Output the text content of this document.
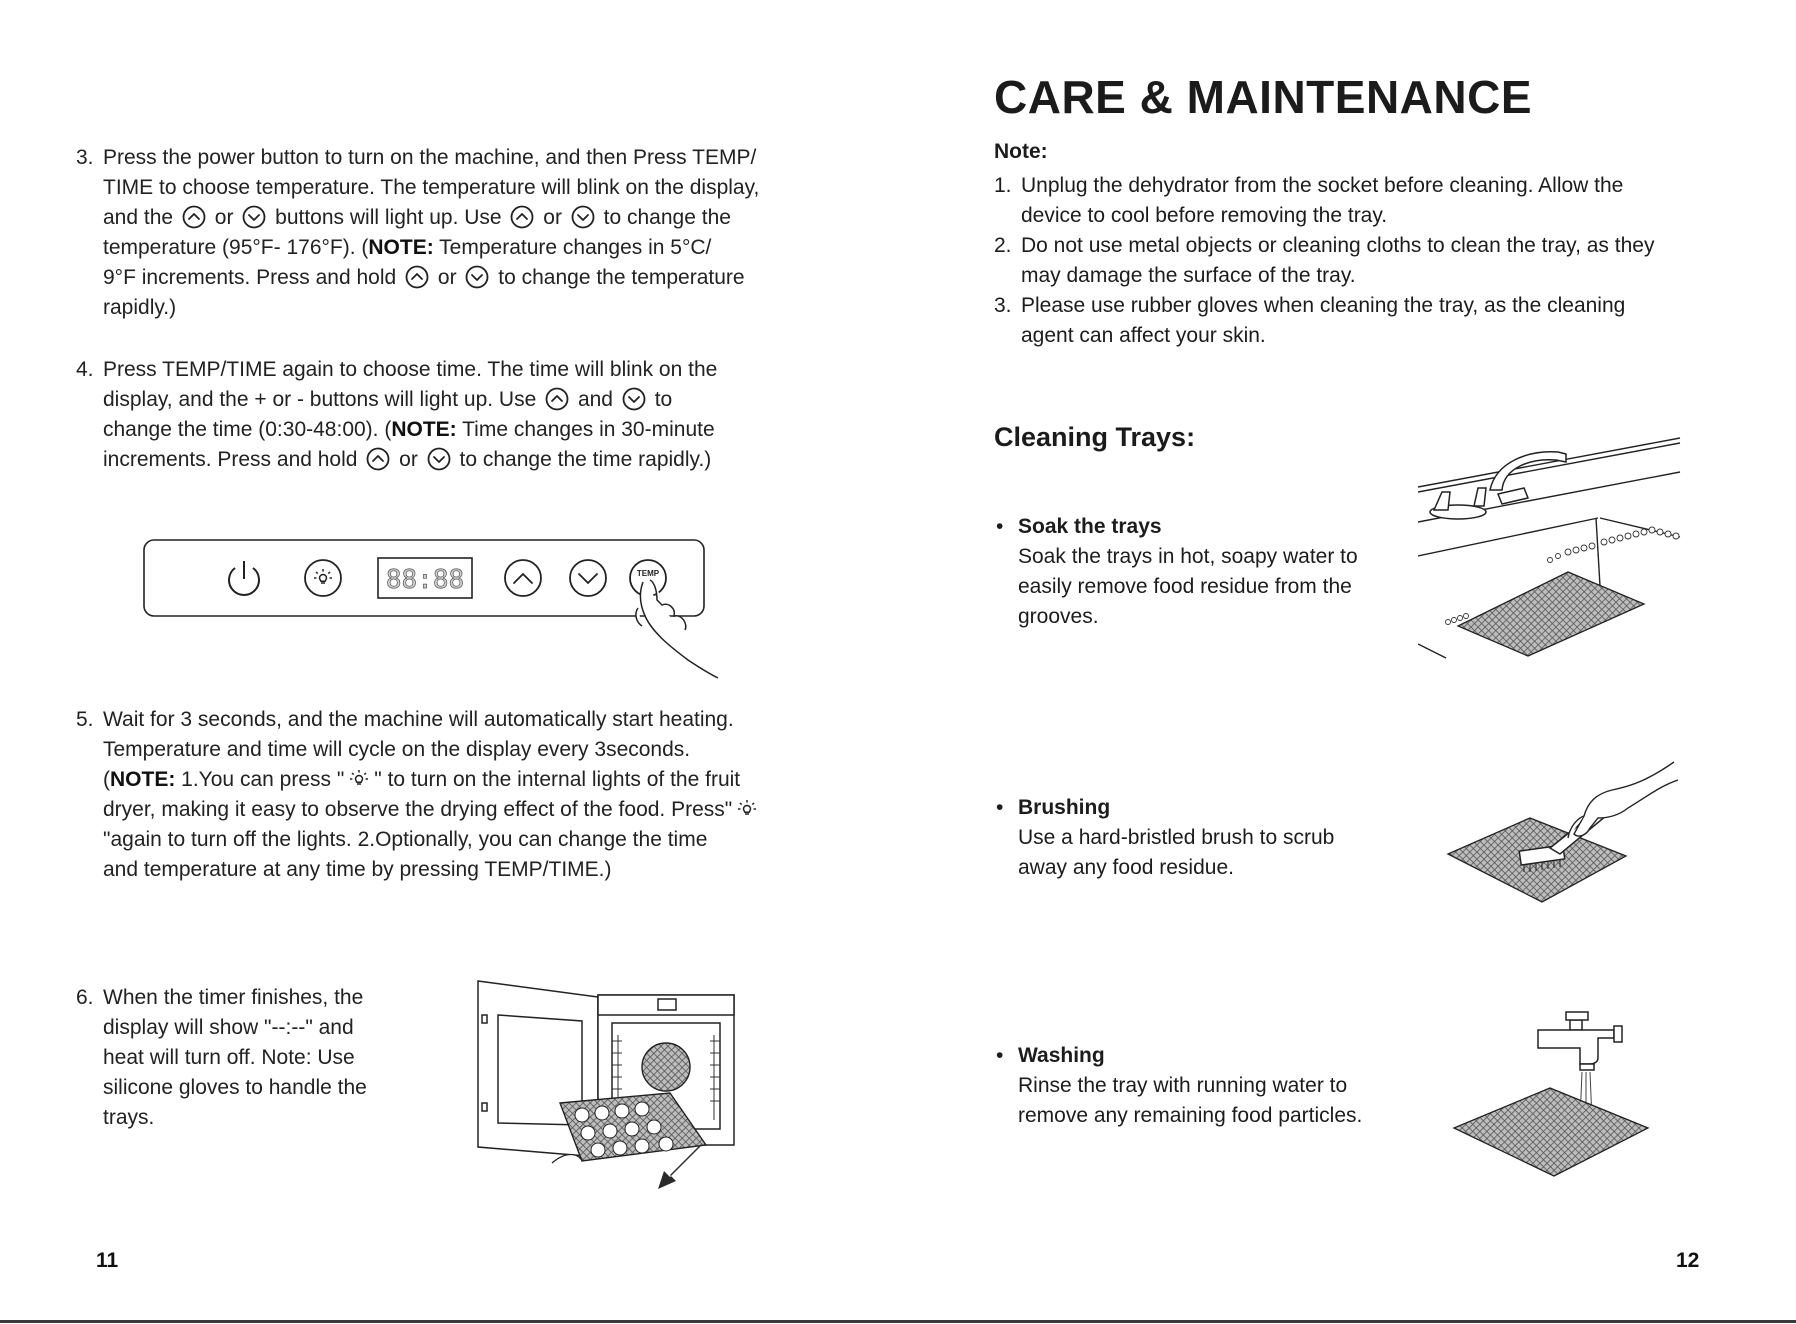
3. Press the power button to turn on the machine, and then Press TEMP/
TIME to choose temperature. The temperature will blink on the display,
and the or buttons will light up. Use or to change the
temperature (95°F- 176°F). (NOTE: Temperature changes in 5°C/
9°F increments. Press and hold or to change the temperature
rapidly.)
4. Press TEMP/TIME again to choose time. The time will blink on the
display, and the + or - buttons will light up. Use and to
change the time (0:30-48:00). (NOTE: Time changes in 30-minute
increments. Press and hold or to change the time rapidly.)
88:88	TEMP
5. Wait for 3 seconds, and the machine will automatically start heating.
Temperature and time will cycle on the display every 3seconds.
(NOTE: 1.You can press " " to turn on the internal lights of the fruit
dryer, making it easy to observe the drying effect of the food. Press"
"again to turn off the lights. 2.Optionally, you can change the time
and temperature at any time by pressing TEMP/TIME.)
6. When the timer finishes, the
display will show "--:--" and
heat will turn off. Note: Use
silicone gloves to handle the
trays.
11
CARE & MAINTENANCE
Note:
1. Unplug the dehydrator from the socket before cleaning. Allow the
device to cool before removing the tray.
2. Do not use metal objects or cleaning cloths to clean the tray, as they
may damage the surface of the tray.
3. Please use rubber gloves when cleaning the tray, as the cleaning
agent can affect your skin.
Cleaning Trays:
• Soak the trays
Soak the trays in hot, soapy water to
easily remove food residue from the
grooves.
• Brushing
Use a hard-bristled brush to scrub
away any food residue.
• Washing
Rinse the tray with running water to
remove any remaining food particles.
12
